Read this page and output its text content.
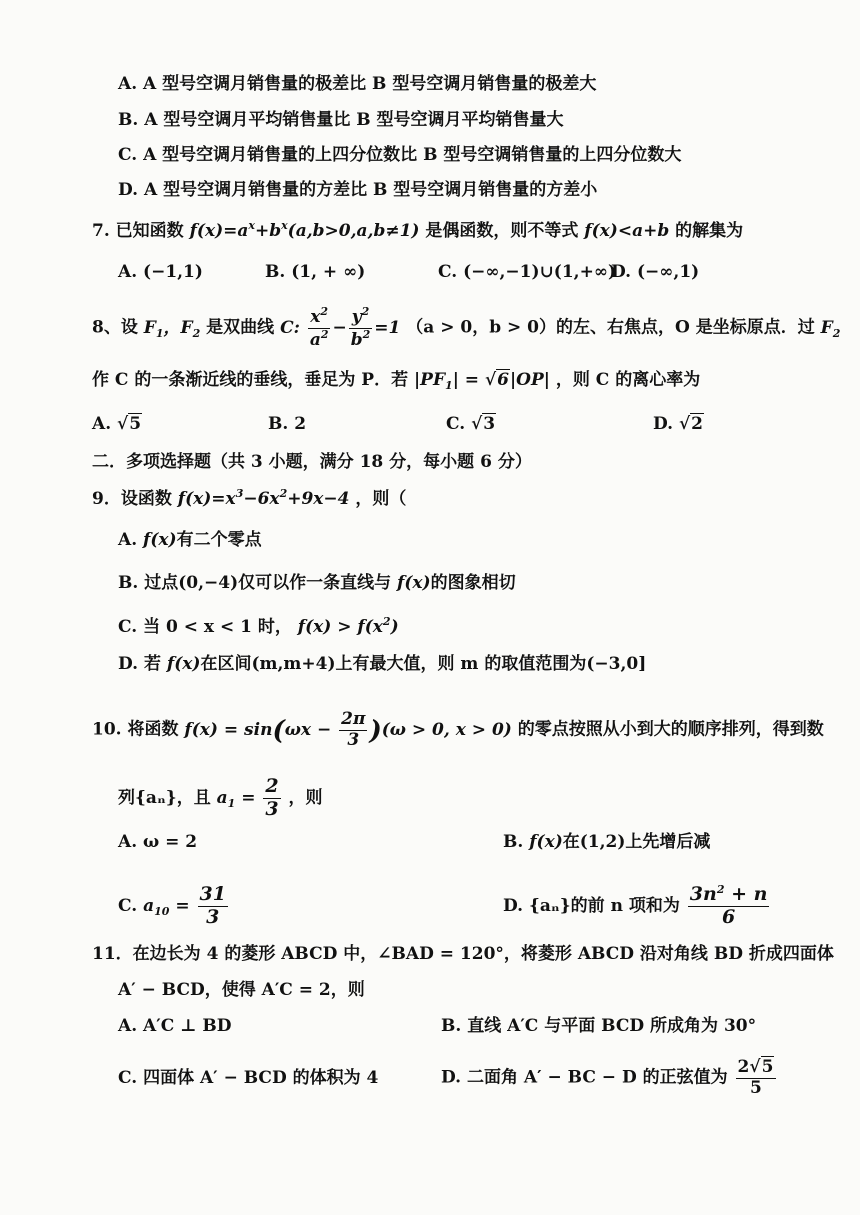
A. A 型号空调月销售量的极差比 B 型号空调月销售量的极差大
B. A 型号空调月平均销售量比 B 型号空调月平均销售量大
C. A 型号空调月销售量的上四分位数比 B 型号空调销售量的上四分位数大
D. A 型号空调月销售量的方差比 B 型号空调月销售量的方差小
7. 已知函数 $f(x)=a^x+b^x(a,b>0,a,b\ne 1)$ 是偶函数，则不等式 f(x)<a+b 的解集为
A. (−1,1)	B. (1, + ∞)	C. (−∞,−1)∪(1,+∞)
D. (−∞,1)
8、设 $F_1$，$F_2$ 是双曲线 C: $\frac{x^2}{a^2} - \frac{y^2}{b^2} =1$ （a > 0，b > 0）的左、右焦点，O 是坐标原点．过 $F_2$
作 C 的一条渐近线的垂线，垂足为 P．若 $|PF_1| = √6|OP|$ ，则 C 的离心率为
A. √5	B. 2	C. √3	D. √2
二．多项选择题（共 3 小题，满分 18 分，每小题 6 分）
9．设函数 $f(x)=x^3-6x^2+9x-4$ ，则（
A. f(x)有二个零点
B. 过点(0,−4)仅可以作一条直线与 f(x)的图象相切
C. 当 0 < x < 1 时， $f(x) > f(x^2)$
D. 若 f(x)在区间(m,m+4)上有最大值，则 m 的取值范围为(−3,0]
10. 将函数 $f(x) = \sin(\omega x - \frac{2\pi}{3} )(\omega > 0$, x > 0) 的零点按照从小到大的顺序排列，得到数
列{aₙ}，且 $a_1 = \frac{2}{3}$ ，则
A. ω = 2	B. f(x)在(1,2)上先增后减
C. $a_{10} = \frac{31}{3}$	D. {aₙ}的前 n 项和为 $\frac{3n^2 + n}{6}$
11．在边长为 4 的菱形 ABCD 中，∠BAD = 120°，将菱形 ABCD 沿对角线 BD 折成四面体
A′ − BCD，使得 A′C = 2，则
A. A′C ⊥ BD	B. 直线 A′C 与平面 BCD 所成角为 30°
C. 四面体 A′ − BCD 的体积为 4	D. 二面角 A′ − BC − D 的正弦值为 $\frac{2√5}{5}$
